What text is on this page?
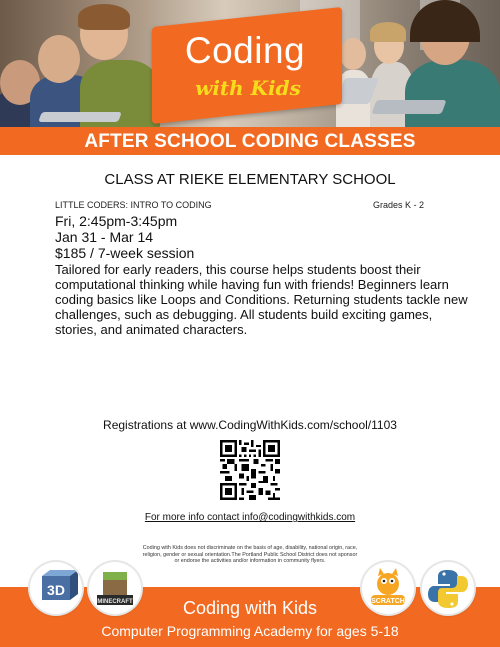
Coding
with Kids
AFTER SCHOOL CODING CLASSES
CLASS AT RIEKE ELEMENTARY SCHOOL
LITTLE CODERS: INTRO TO CODING	Grades K - 2
Fri, 2:45pm-3:45pm
Jan 31 - Mar 14
$185 / 7-week session
Tailored for early readers, this course helps students boost their computational thinking while having fun with friends! Beginners learn coding basics like Loops and Conditions. Returning students tackle new challenges, such as debugging. All students build exciting games, stories, and animated characters.
Registrations at www.CodingWithKids.com/school/1103
For more info contact info@codingwithkids.com
Coding with Kids does not discriminate on the basis of age, disability, national origin, race, religion, gender or sexual orientation.The Portland Public School District does not sponsor or endorse the activities and/or information in community flyers.
3D
MINECRAFT	SCRATCH
Coding with Kids
Computer Programming Academy for ages 5-18
